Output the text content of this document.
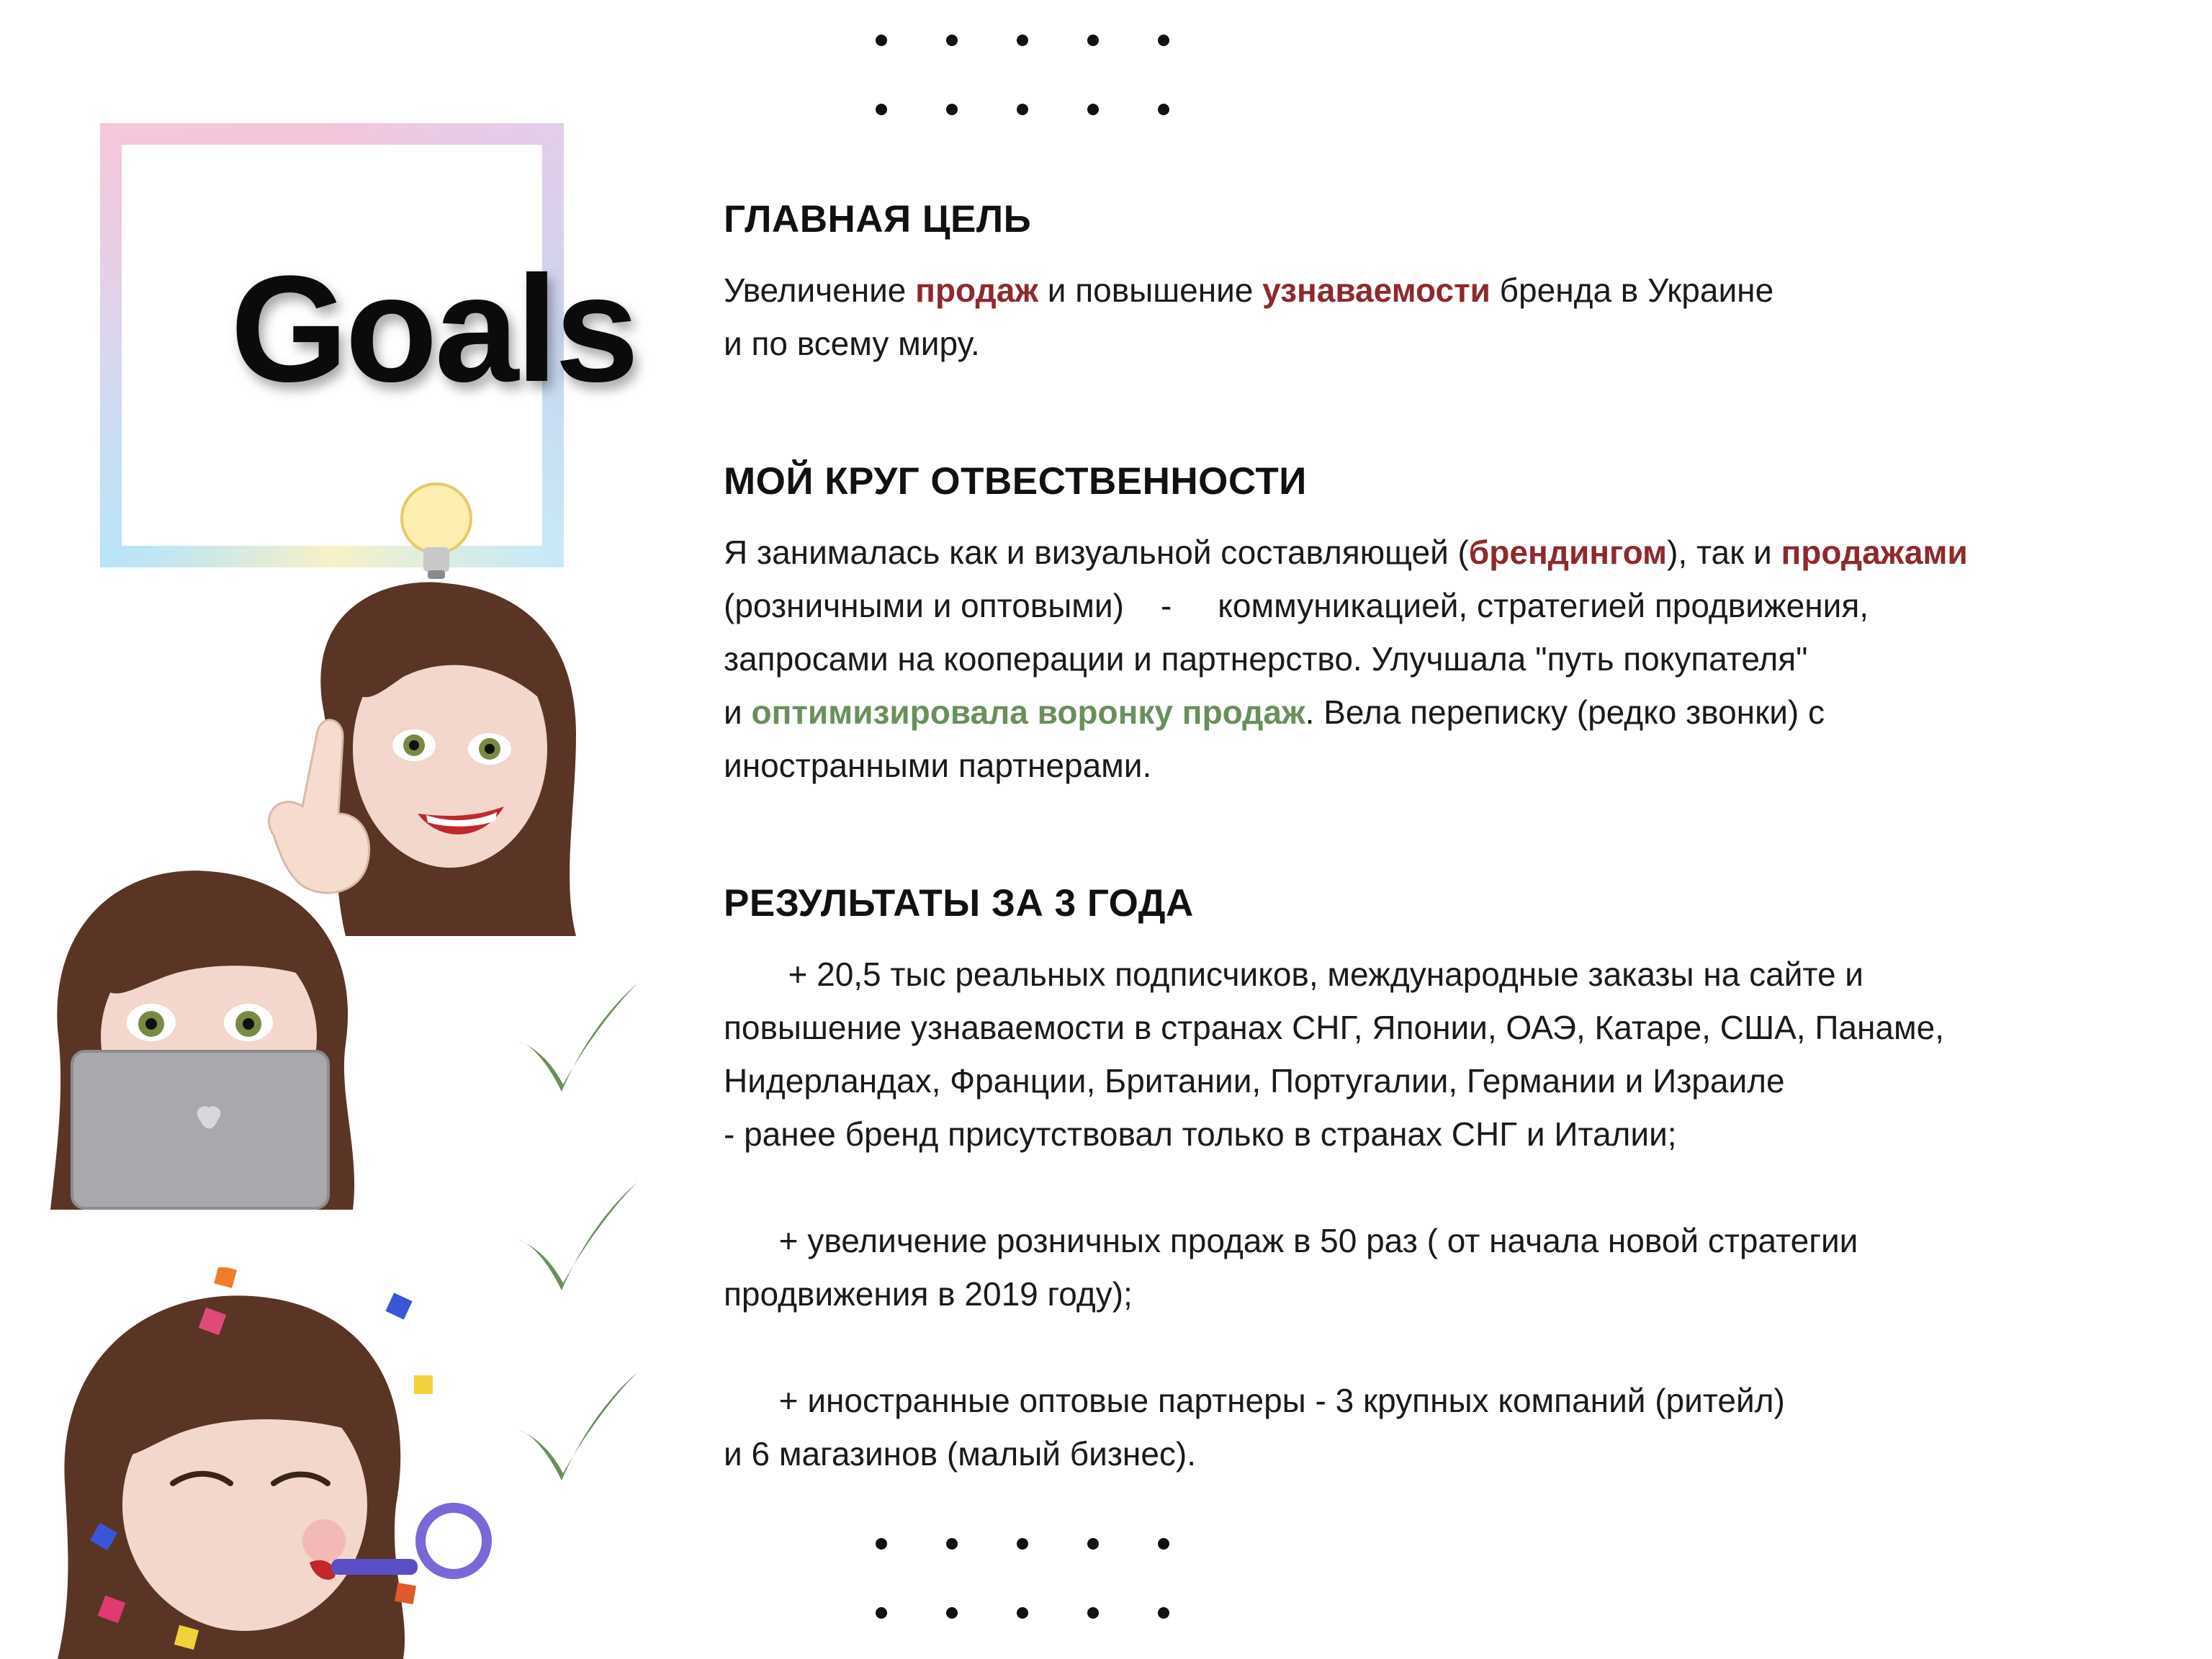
Goals
ГЛАВНАЯ ЦЕЛЬ
Увеличение продаж и повышение узнаваемости бренда в Украине
и по всему миру.
МОЙ КРУГ ОТВЕСТВЕННОСТИ
Я занималась как и визуальной составляющей (брендингом), так и продажами
(розничными и оптовыми)    -     коммуникацией, стратегией продвижения,
запросами на кооперации и партнерство. Улучшала "путь покупателя"
и оптимизировала воронку продаж. Вела переписку (редко звонки) с
иностранными партнерами.
РЕЗУЛЬТАТЫ ЗА 3 ГОДА
+ 20,5 тыс реальных подписчиков, международные заказы на сайте и
повышение узнаваемости в странах СНГ, Японии, ОАЭ, Катаре, США, Панаме,
Нидерландах, Франции, Британии, Португалии, Германии и Израиле
- ранее бренд присутствовал только в странах СНГ и Италии;
+ увеличение розничных продаж в 50 раз ( от начала новой стратегии
продвижения в 2019 году);
+ иностранные оптовые партнеры - 3 крупных компаний (ритейл)
и 6 магазинов (малый бизнес).
